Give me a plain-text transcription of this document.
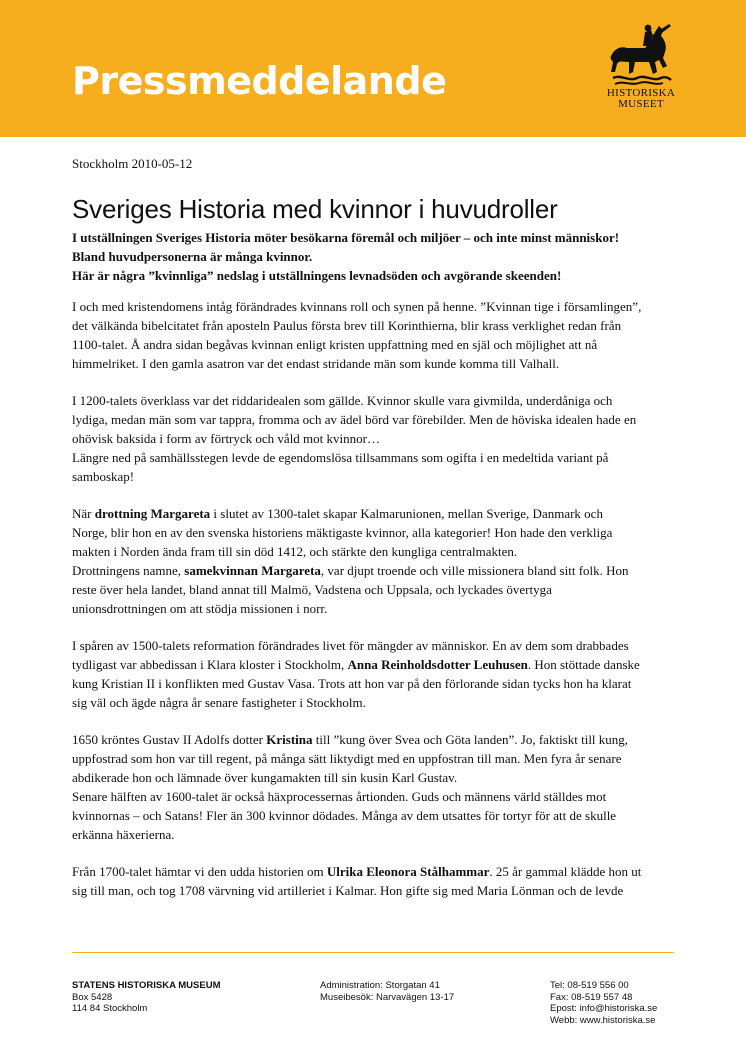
Pressmeddelande	HISTORISKA
MUSEET

Stockholm 2010-05-12

Sveriges Historia med kvinnor i huvudroller

I utställningen Sveriges Historia möter besökarna föremål och miljöer – och inte minst människor!

Bland huvudpersonerna är många kvinnor.

Här är några ”kvinnliga” nedslag i utställningens levnadsöden och avgörande skeenden!

I och med kristendomens intåg förändrades kvinnans roll och synen på henne. ”Kvinnan tige i församlingen”,

det välkända bibelcitatet från aposteln Paulus första brev till Korinthierna, blir krass verklighet redan från

1100-talet. Å andra sidan begåvas kvinnan enligt kristen uppfattning med en själ och möjlighet att nå

himmelriket. I den gamla asatron var det endast stridande män som kunde komma till Valhall.

I 1200-talets överklass var det riddaridealen som gällde. Kvinnor skulle vara givmilda, underdåniga och

lydiga, medan män som var tappra, fromma och av ädel börd var förebilder. Men de höviska idealen hade en

ohövisk baksida i form av förtryck och våld mot kvinnor…

Längre ned på samhällsstegen levde de egendomslösa tillsammans som ogifta i en medeltida variant på

samboskap!

När drottning Margareta i slutet av 1300-talet skapar Kalmarunionen, mellan Sverige, Danmark och

Norge, blir hon en av den svenska historiens mäktigaste kvinnor, alla kategorier! Hon hade den verkliga

makten i Norden ända fram till sin död 1412, och stärkte den kungliga centralmakten.

Drottningens namne, samekvinnan Margareta, var djupt troende och ville missionera bland sitt folk. Hon

reste över hela landet, bland annat till Malmö, Vadstena och Uppsala, och lyckades övertyga

unionsdrottningen om att stödja missionen i norr.

I spåren av 1500-talets reformation förändrades livet för mängder av människor. En av dem som drabbades

tydligast var abbedissan i Klara kloster i Stockholm, Anna Reinholdsdotter Leuhusen. Hon stöttade danske

kung Kristian II i konflikten med Gustav Vasa. Trots att hon var på den förlorande sidan tycks hon ha klarat

sig väl och ägde några år senare fastigheter i Stockholm.

1650 kröntes Gustav II Adolfs dotter Kristina till ”kung över Svea och Göta landen”. Jo, faktiskt till kung,

uppfostrad som hon var till regent, på många sätt liktydigt med en uppfostran till man. Men fyra år senare

abdikerade hon och lämnade över kungamakten till sin kusin Karl Gustav.

Senare hälften av 1600-talet är också häxprocessernas årtionden. Guds och männens värld ställdes mot

kvinnornas – och Satans! Fler än 300 kvinnor dödades. Många av dem utsattes för tortyr för att de skulle

erkänna häxerierna.

Från 1700-talet hämtar vi den udda historien om Ulrika Eleonora Stålhammar. 25 år gammal klädde hon ut

sig till man, och tog 1708 värvning vid artilleriet i Kalmar. Hon gifte sig med Maria Lönman och de levde

STATENS HISTORISKA MUSEUM
Box 5428
114 84 Stockholm
Administration: Storgatan 41
Museibesök: Narvavägen 13-17
Tel: 08-519 556 00
Fax: 08-519 557 48
Epost: info@historiska.se
Webb: www.historiska.se
